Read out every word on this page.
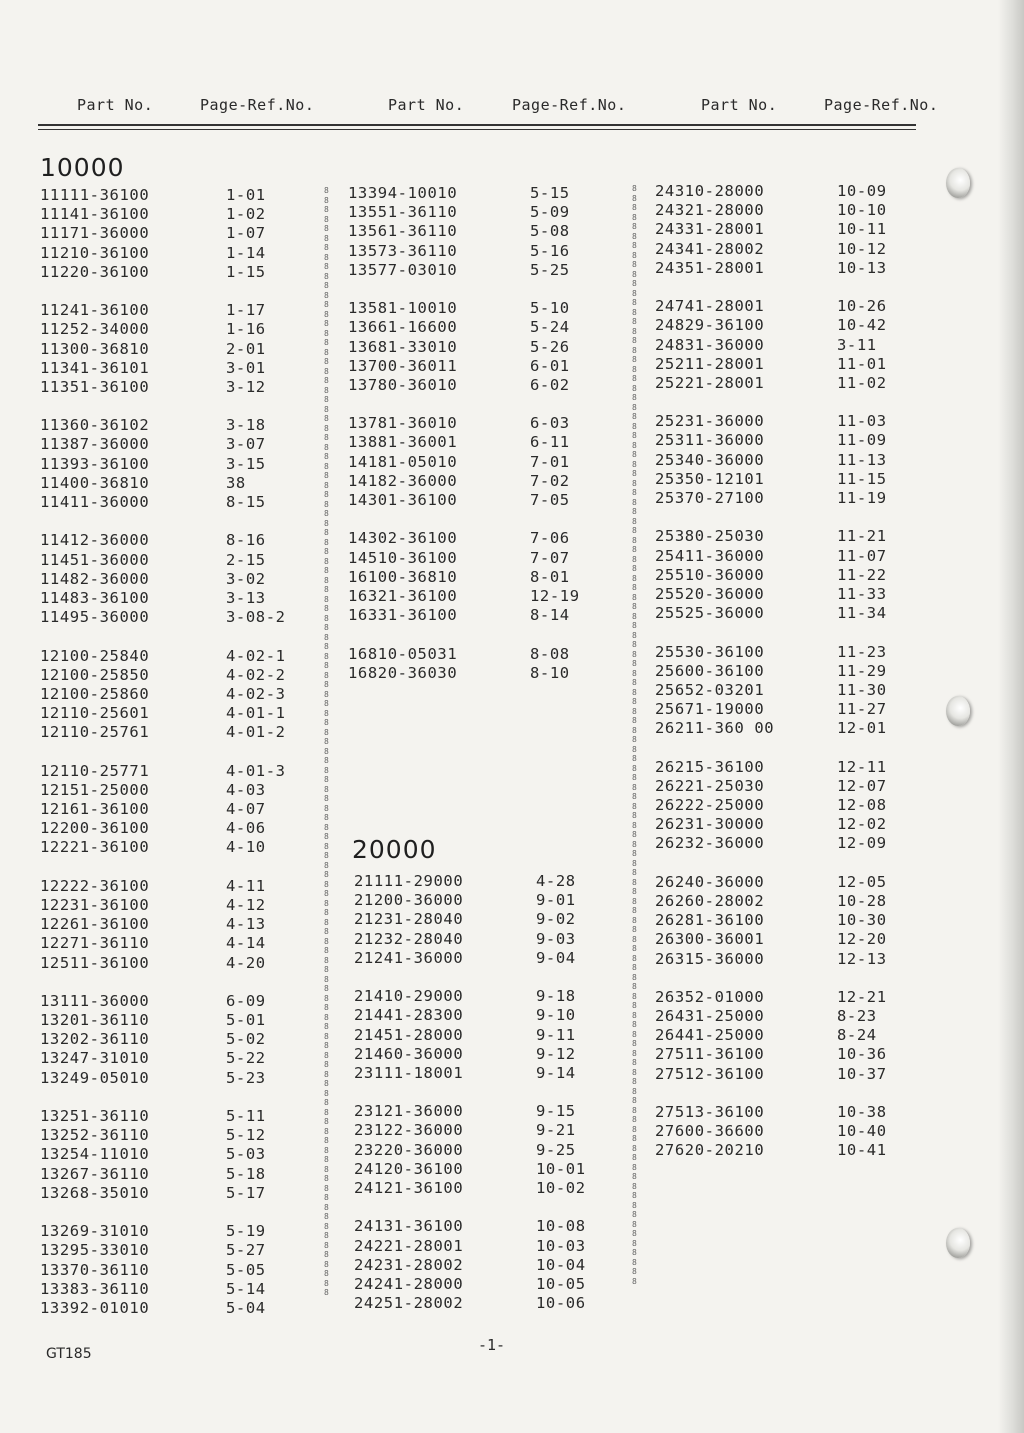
Part No.	Page-Ref.No.	Part No.	Page-Ref.No.	Part No.	Page-Ref.No.
10000
20000
11111-36100	1-01
11141-36100	1-02
11171-36000	1-07
11210-36100	1-14
11220-36100	1-15
11241-36100	1-17
11252-34000	1-16
11300-36810	2-01
11341-36101	3-01
11351-36100	3-12
11360-36102	3-18
11387-36000	3-07
11393-36100	3-15
11400-36810	38
11411-36000	8-15
11412-36000	8-16
11451-36000	2-15
11482-36000	3-02
11483-36100	3-13
11495-36000	3-08-2
12100-25840	4-02-1
12100-25850	4-02-2
12100-25860	4-02-3
12110-25601	4-01-1
12110-25761	4-01-2
12110-25771	4-01-3
12151-25000	4-03
12161-36100	4-07
12200-36100	4-06
12221-36100	4-10
12222-36100	4-11
12231-36100	4-12
12261-36100	4-13
12271-36110	4-14
12511-36100	4-20
13111-36000	6-09
13201-36110	5-01
13202-36110	5-02
13247-31010	5-22
13249-05010	5-23
13251-36110	5-11
13252-36110	5-12
13254-11010	5-03
13267-36110	5-18
13268-35010	5-17
13269-31010	5-19
13295-33010	5-27
13370-36110	5-05
13383-36110	5-14
13392-01010	5-04
13394-10010	5-15
13551-36110	5-09
13561-36110	5-08
13573-36110	5-16
13577-03010	5-25
13581-10010	5-10
13661-16600	5-24
13681-33010	5-26
13700-36011	6-01
13780-36010	6-02
13781-36010	6-03
13881-36001	6-11
14181-05010	7-01
14182-36000	7-02
14301-36100	7-05
14302-36100	7-06
14510-36100	7-07
16100-36810	8-01
16321-36100	12-19
16331-36100	8-14
16810-05031	8-08
16820-36030	8-10
21111-29000	4-28
21200-36000	9-01
21231-28040	9-02
21232-28040	9-03
21241-36000	9-04
21410-29000	9-18
21441-28300	9-10
21451-28000	9-11
21460-36000	9-12
23111-18001	9-14
23121-36000	9-15
23122-36000	9-21
23220-36000	9-25
24120-36100	10-01
24121-36100	10-02
24131-36100	10-08
24221-28001	10-03
24231-28002	10-04
24241-28000	10-05
24251-28002	10-06
24310-28000	10-09
24321-28000	10-10
24331-28001	10-11
24341-28002	10-12
24351-28001	10-13
24741-28001	10-26
24829-36100	10-42
24831-36000	3-11
25211-28001	11-01
25221-28001	11-02
25231-36000	11-03
25311-36000	11-09
25340-36000	11-13
25350-12101	11-15
25370-27100	11-19
25380-25030	11-21
25411-36000	11-07
25510-36000	11-22
25520-36000	11-33
25525-36000	11-34
25530-36100	11-23
25600-36100	11-29
25652-03201	11-30
25671-19000	11-27
26211-360 00	12-01
26215-36100	12-11
26221-25030	12-07
26222-25000	12-08
26231-30000	12-02
26232-36000	12-09
26240-36000	12-05
26260-28002	10-28
26281-36100	10-30
26300-36001	12-20
26315-36000	12-13
26352-01000	12-21
26431-25000	8-23
26441-25000	8-24
27511-36100	10-36
27512-36100	10-37
27513-36100	10-38
27600-36600	10-40
27620-20210	10-41
888888888888888888888888888888888888888888888888888888888888888888888888888888888888888888888888888888888888888888888
88888888888888888888888888888888888888888888888888888888888888888888888888888888888888888888888888888888888888888888
GT185	-1-
